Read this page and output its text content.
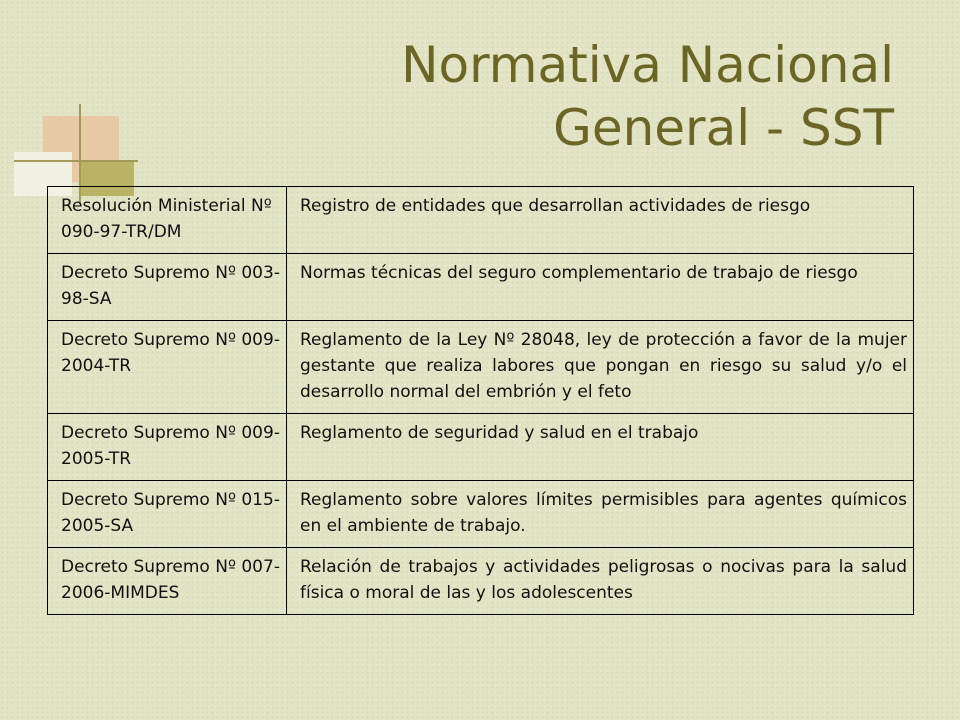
Normativa Nacional
General - SST
Resolución Ministerial Nº 090-97-TR/DM	Registro de entidades que desarrollan actividades de riesgo
Decreto Supremo Nº 003-98-SA	Normas técnicas del seguro complementario de trabajo de riesgo
Decreto Supremo Nº 009-2004-TR	Reglamento de la Ley Nº 28048, ley de protección a favor de la mujer gestante que realiza labores que pongan en riesgo su salud y/o el desarrollo normal del embrión y el feto
Decreto Supremo Nº 009-2005-TR	Reglamento de seguridad y salud en el trabajo
Decreto Supremo Nº 015-2005-SA	Reglamento sobre valores límites permisibles para agentes químicos en el ambiente de trabajo.
Decreto Supremo Nº 007-2006-MIMDES	Relación de trabajos y actividades peligrosas o nocivas para la salud física o moral de las y los adolescentes
